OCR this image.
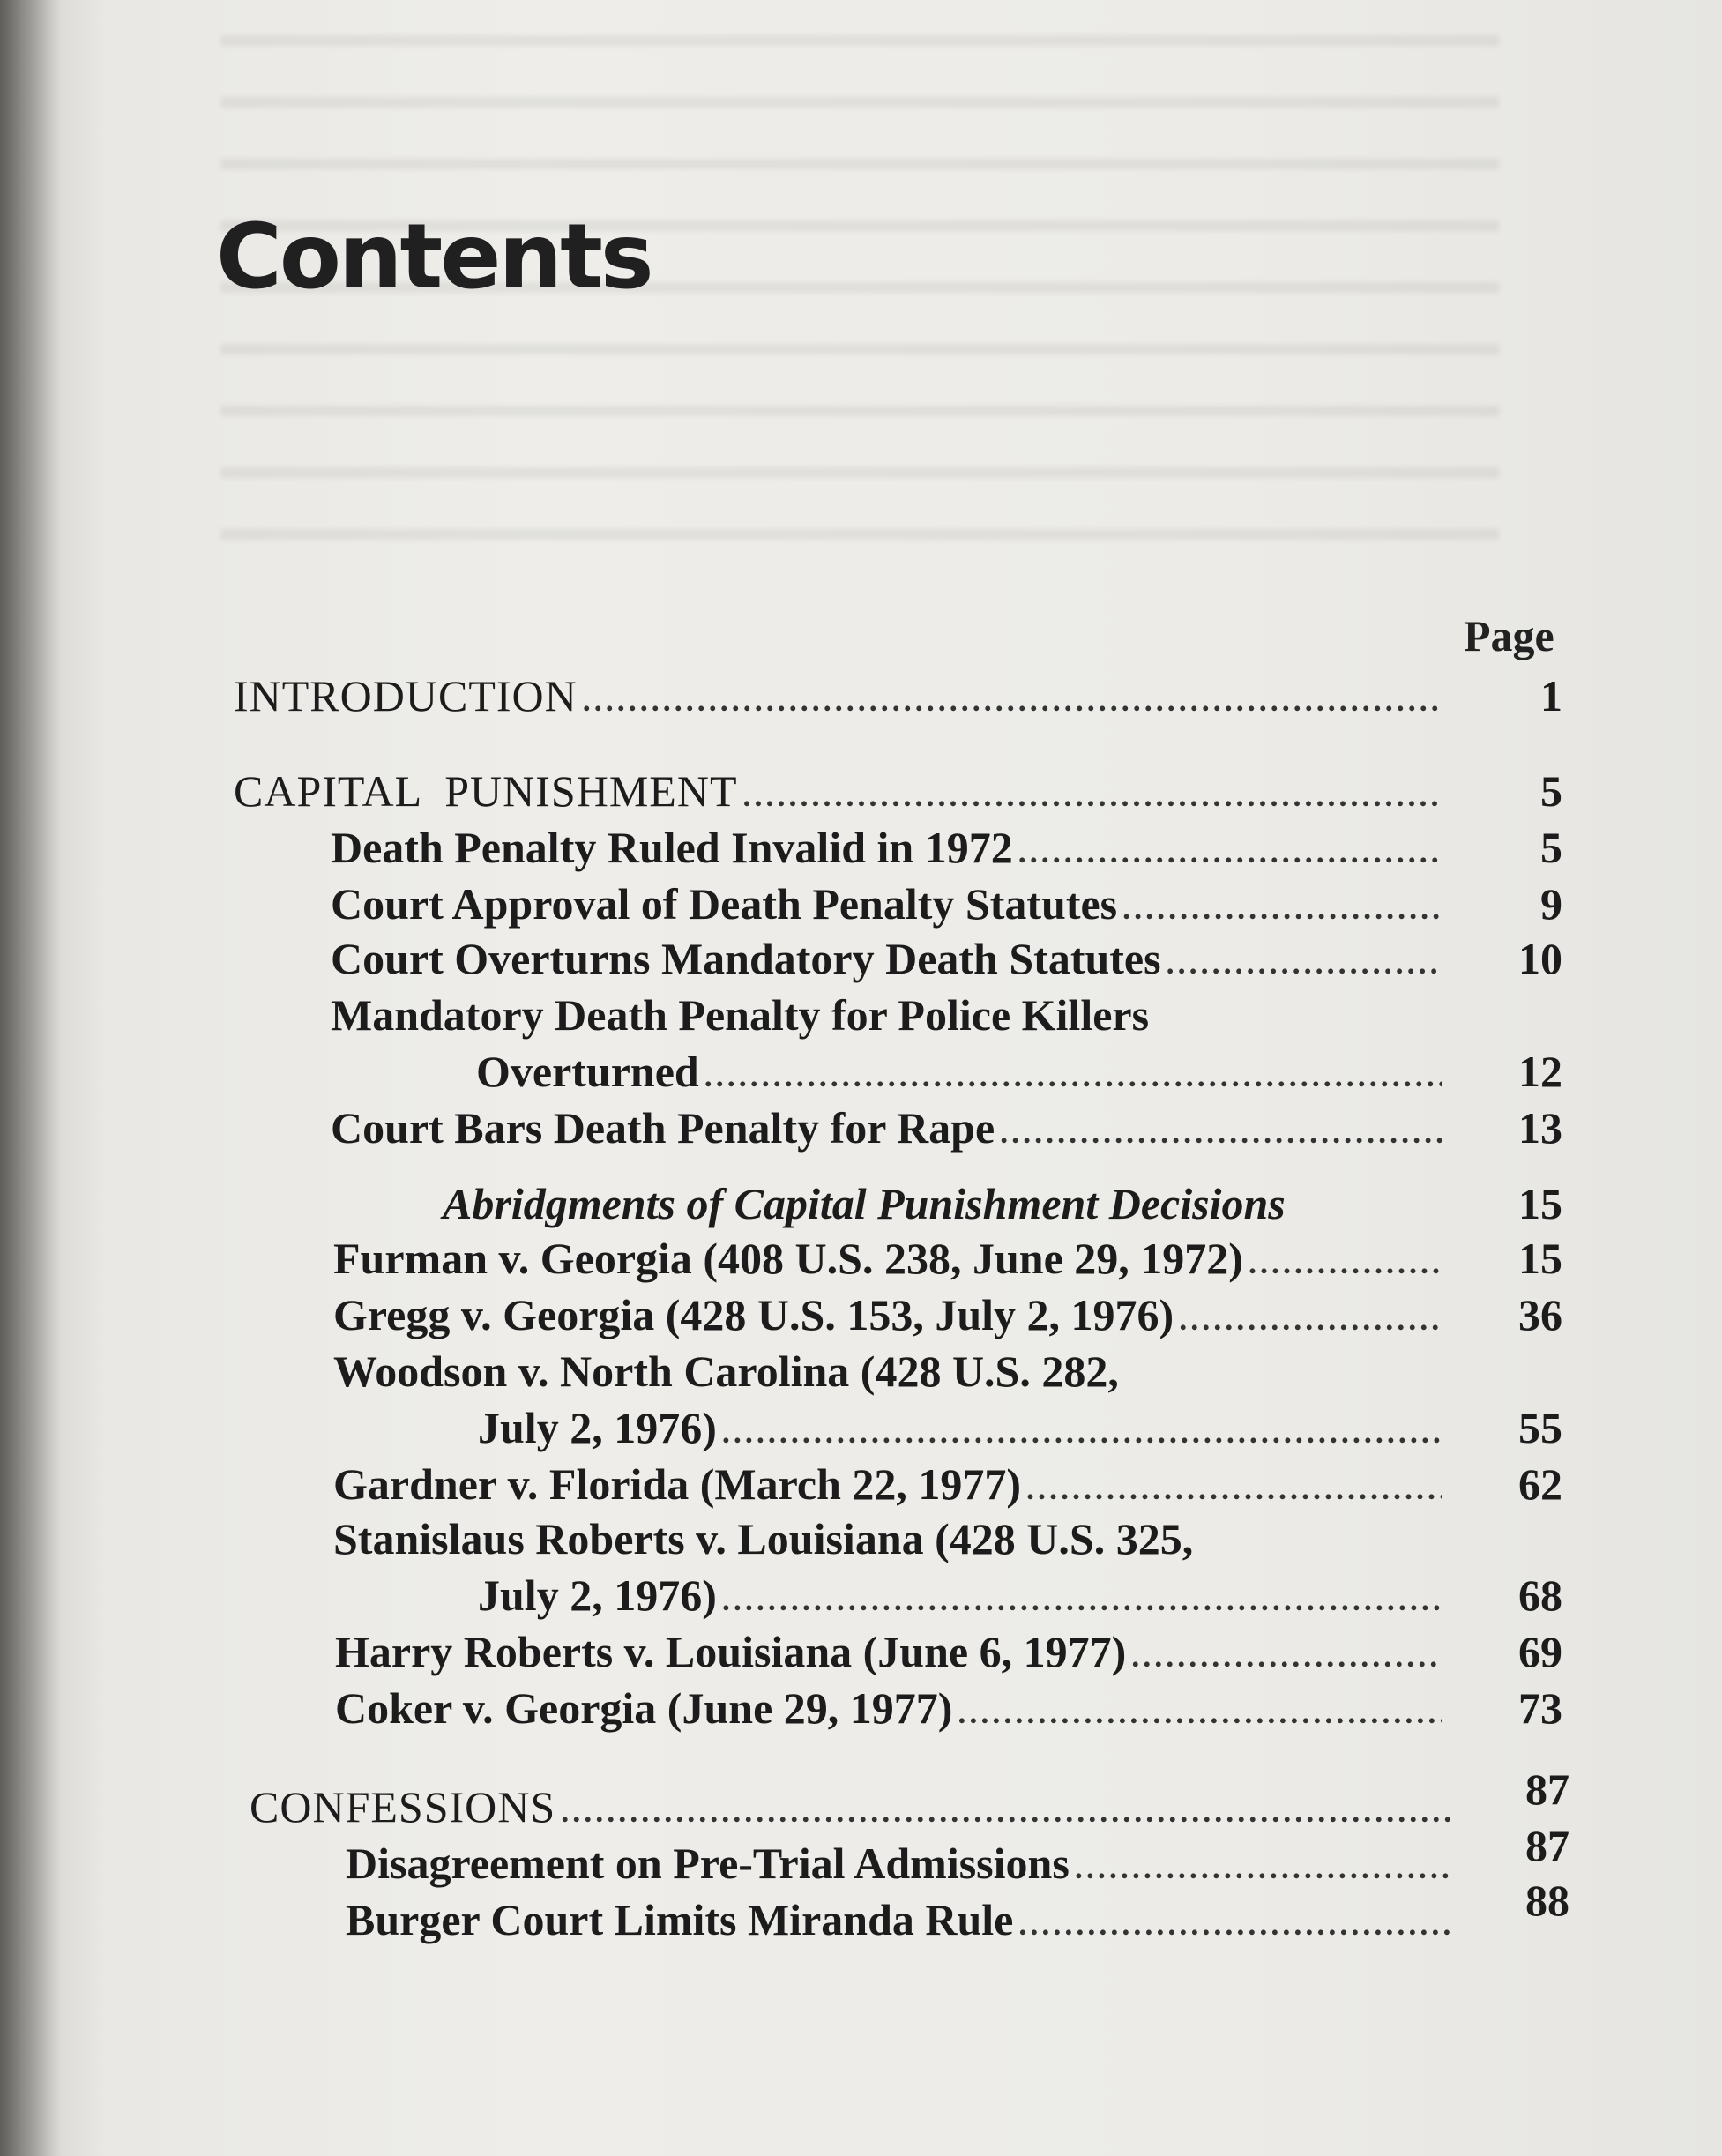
Contents
Page
INTRODUCTION .....	1
CAPITAL  PUNISHMENT .....	5
Death Penalty Ruled Invalid in 1972 .....	5
Court Approval of Death Penalty Statutes .....	9
Court Overturns Mandatory Death Statutes .....	10
Mandatory Death Penalty for Police Killers
Overturned .....	12
Court Bars Death Penalty for Rape .....	13
Abridgments of Capital Punishment Decisions	15
Furman v. Georgia (408 U.S. 238, June 29, 1972) .....	15
Gregg v. Georgia (428 U.S. 153, July 2, 1976) .....	36
Woodson v. North Carolina (428 U.S. 282,
July 2, 1976) .....	55
Gardner v. Florida (March 22, 1977) .....	62
Stanislaus Roberts v. Louisiana (428 U.S. 325,
July 2, 1976) .....	68
Harry Roberts v. Louisiana (June 6, 1977) .....	69
Coker v. Georgia (June 29, 1977) .....	73
CONFESSIONS .....	87
Disagreement on Pre-Trial Admissions .....	87
Burger Court Limits Miranda Rule .....	88
